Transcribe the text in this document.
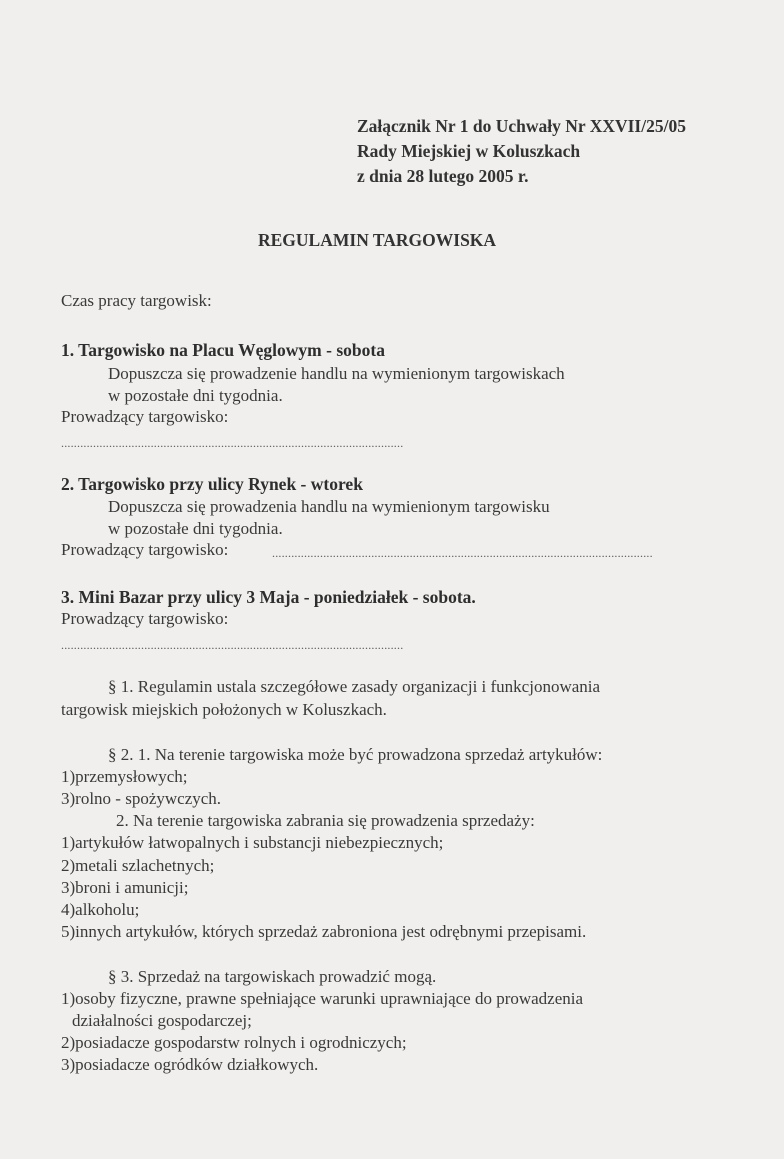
Załącznik Nr 1 do Uchwały Nr XXVII/25/05
Rady Miejskiej w Koluszkach
z dnia 28 lutego 2005 r.
REGULAMIN TARGOWISKA
Czas pracy targowisk:
1. Targowisko na Placu Węglowym - sobota
Dopuszcza się prowadzenie handlu na wymienionym targowiskach
w pozostałe dni tygodnia.
Prowadzący targowisko:
...........................................................................................................
2. Targowisko przy ulicy Rynek - wtorek
Dopuszcza się prowadzenia handlu na wymienionym targowisku
w pozostałe dni tygodnia.
Prowadzący targowisko:	.......................................................................................................................
3. Mini Bazar przy ulicy 3 Maja - poniedziałek - sobota.
Prowadzący targowisko:
...........................................................................................................
§ 1. Regulamin ustala szczegółowe zasady organizacji i funkcjonowania
targowisk miejskich położonych w Koluszkach.
§ 2. 1. Na terenie targowiska może być prowadzona sprzedaż artykułów:
1)przemysłowych;
3)rolno - spożywczych.
2. Na terenie targowiska zabrania się prowadzenia sprzedaży:
1)artykułów łatwopalnych i substancji niebezpiecznych;
2)metali szlachetnych;
3)broni i amunicji;
4)alkoholu;
5)innych artykułów, których sprzedaż zabroniona jest odrębnymi przepisami.
§ 3. Sprzedaż na targowiskach prowadzić mogą.
1)osoby fizyczne, prawne spełniające warunki uprawniające do prowadzenia
działalności gospodarczej;
2)posiadacze gospodarstw rolnych i ogrodniczych;
3)posiadacze ogródków działkowych.
